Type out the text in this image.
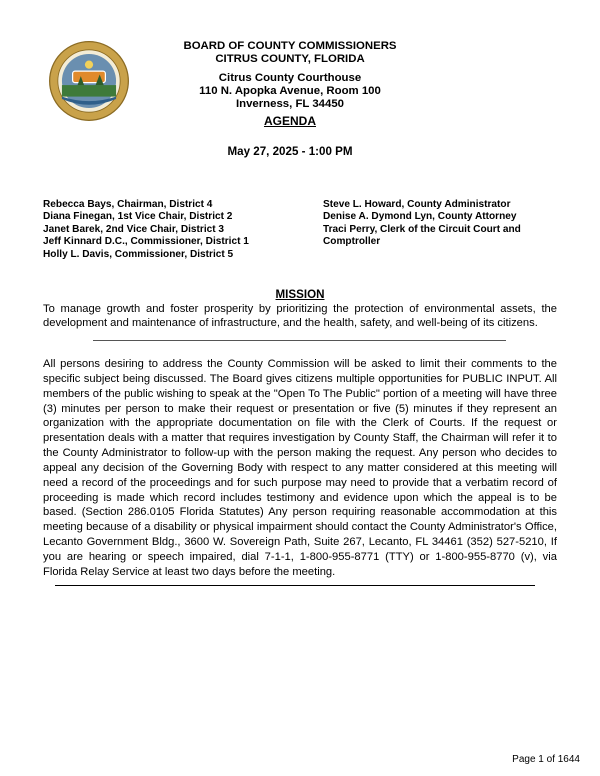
BOARD OF COUNTY COMMISSIONERS
CITRUS COUNTY, FLORIDA
Citrus County Courthouse
110 N. Apopka Avenue, Room 100
Inverness, FL 34450
AGENDA
May 27, 2025 - 1:00 PM
Rebecca Bays, Chairman, District 4
Diana Finegan, 1st Vice Chair, District 2
Janet Barek, 2nd Vice Chair, District 3
Jeff Kinnard D.C., Commissioner, District 1
Holly L. Davis, Commissioner, District 5
Steve L. Howard, County Administrator
Denise A. Dymond Lyn, County Attorney
Traci Perry, Clerk of the Circuit Court and
Comptroller
MISSION
To manage growth and foster prosperity by prioritizing the protection of environmental assets, the development and maintenance of infrastructure, and the health, safety, and well-being of its citizens.
All persons desiring to address the County Commission will be asked to limit their comments to the specific subject being discussed. The Board gives citizens multiple opportunities for PUBLIC INPUT. All members of the public wishing to speak at the "Open To The Public" portion of a meeting will have three (3) minutes per person to make their request or presentation or five (5) minutes if they represent an organization with the appropriate documentation on file with the Clerk of Courts. If the request or presentation deals with a matter that requires investigation by County Staff, the Chairman will refer it to the County Administrator to follow-up with the person making the request. Any person who decides to appeal any decision of the Governing Body with respect to any matter considered at this meeting will need a record of the proceedings and for such purpose may need to provide that a verbatim record of proceeding is made which record includes testimony and evidence upon which the appeal is to be based. (Section 286.0105 Florida Statutes) Any person requiring reasonable accommodation at this meeting because of a disability or physical impairment should contact the County Administrator's Office, Lecanto Government Bldg., 3600 W. Sovereign Path, Suite 267, Lecanto, FL 34461 (352) 527-5210, If you are hearing or speech impaired, dial 7-1-1, 1-800-955-8771 (TTY) or 1-800-955-8770 (v), via Florida Relay Service at least two days before the meeting.
Page 1 of 1644
